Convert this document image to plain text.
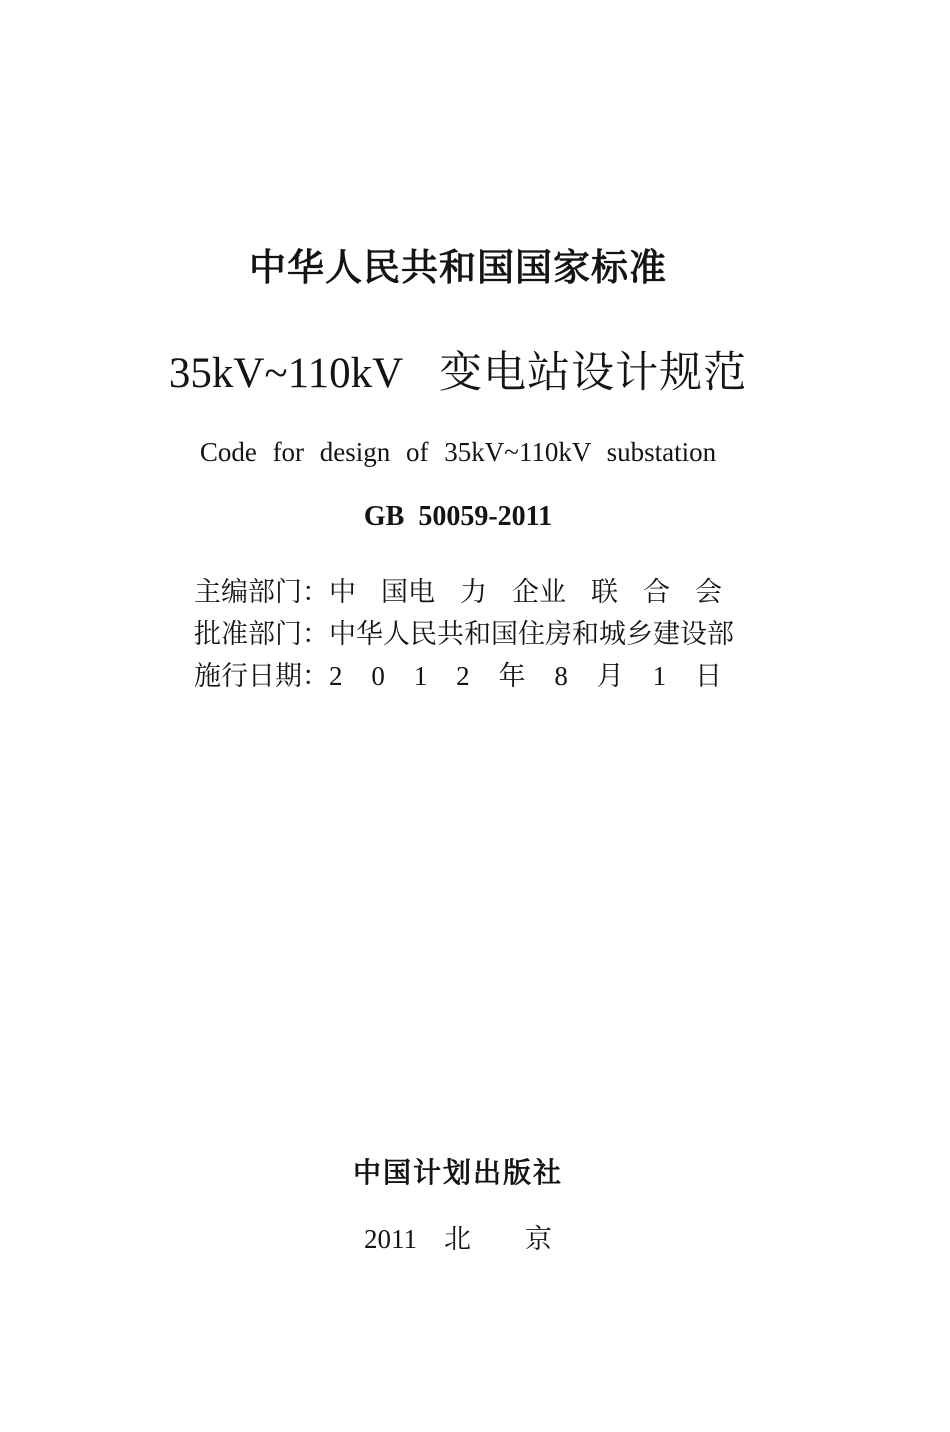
中华人民共和国国家标准
35kV~110kV 变电站设计规范
Code for design of 35kV~110kV substation
GB  50059-2011
主编部门： 中 国电 力 企业 联 合 会
批准部门： 中 华 人 民 共 和 国 住 房 和 城 乡 建 设 部
施行日期： 2 0 1 2 年 8 月 1 日
中国计划出版社
2011　北　　京
